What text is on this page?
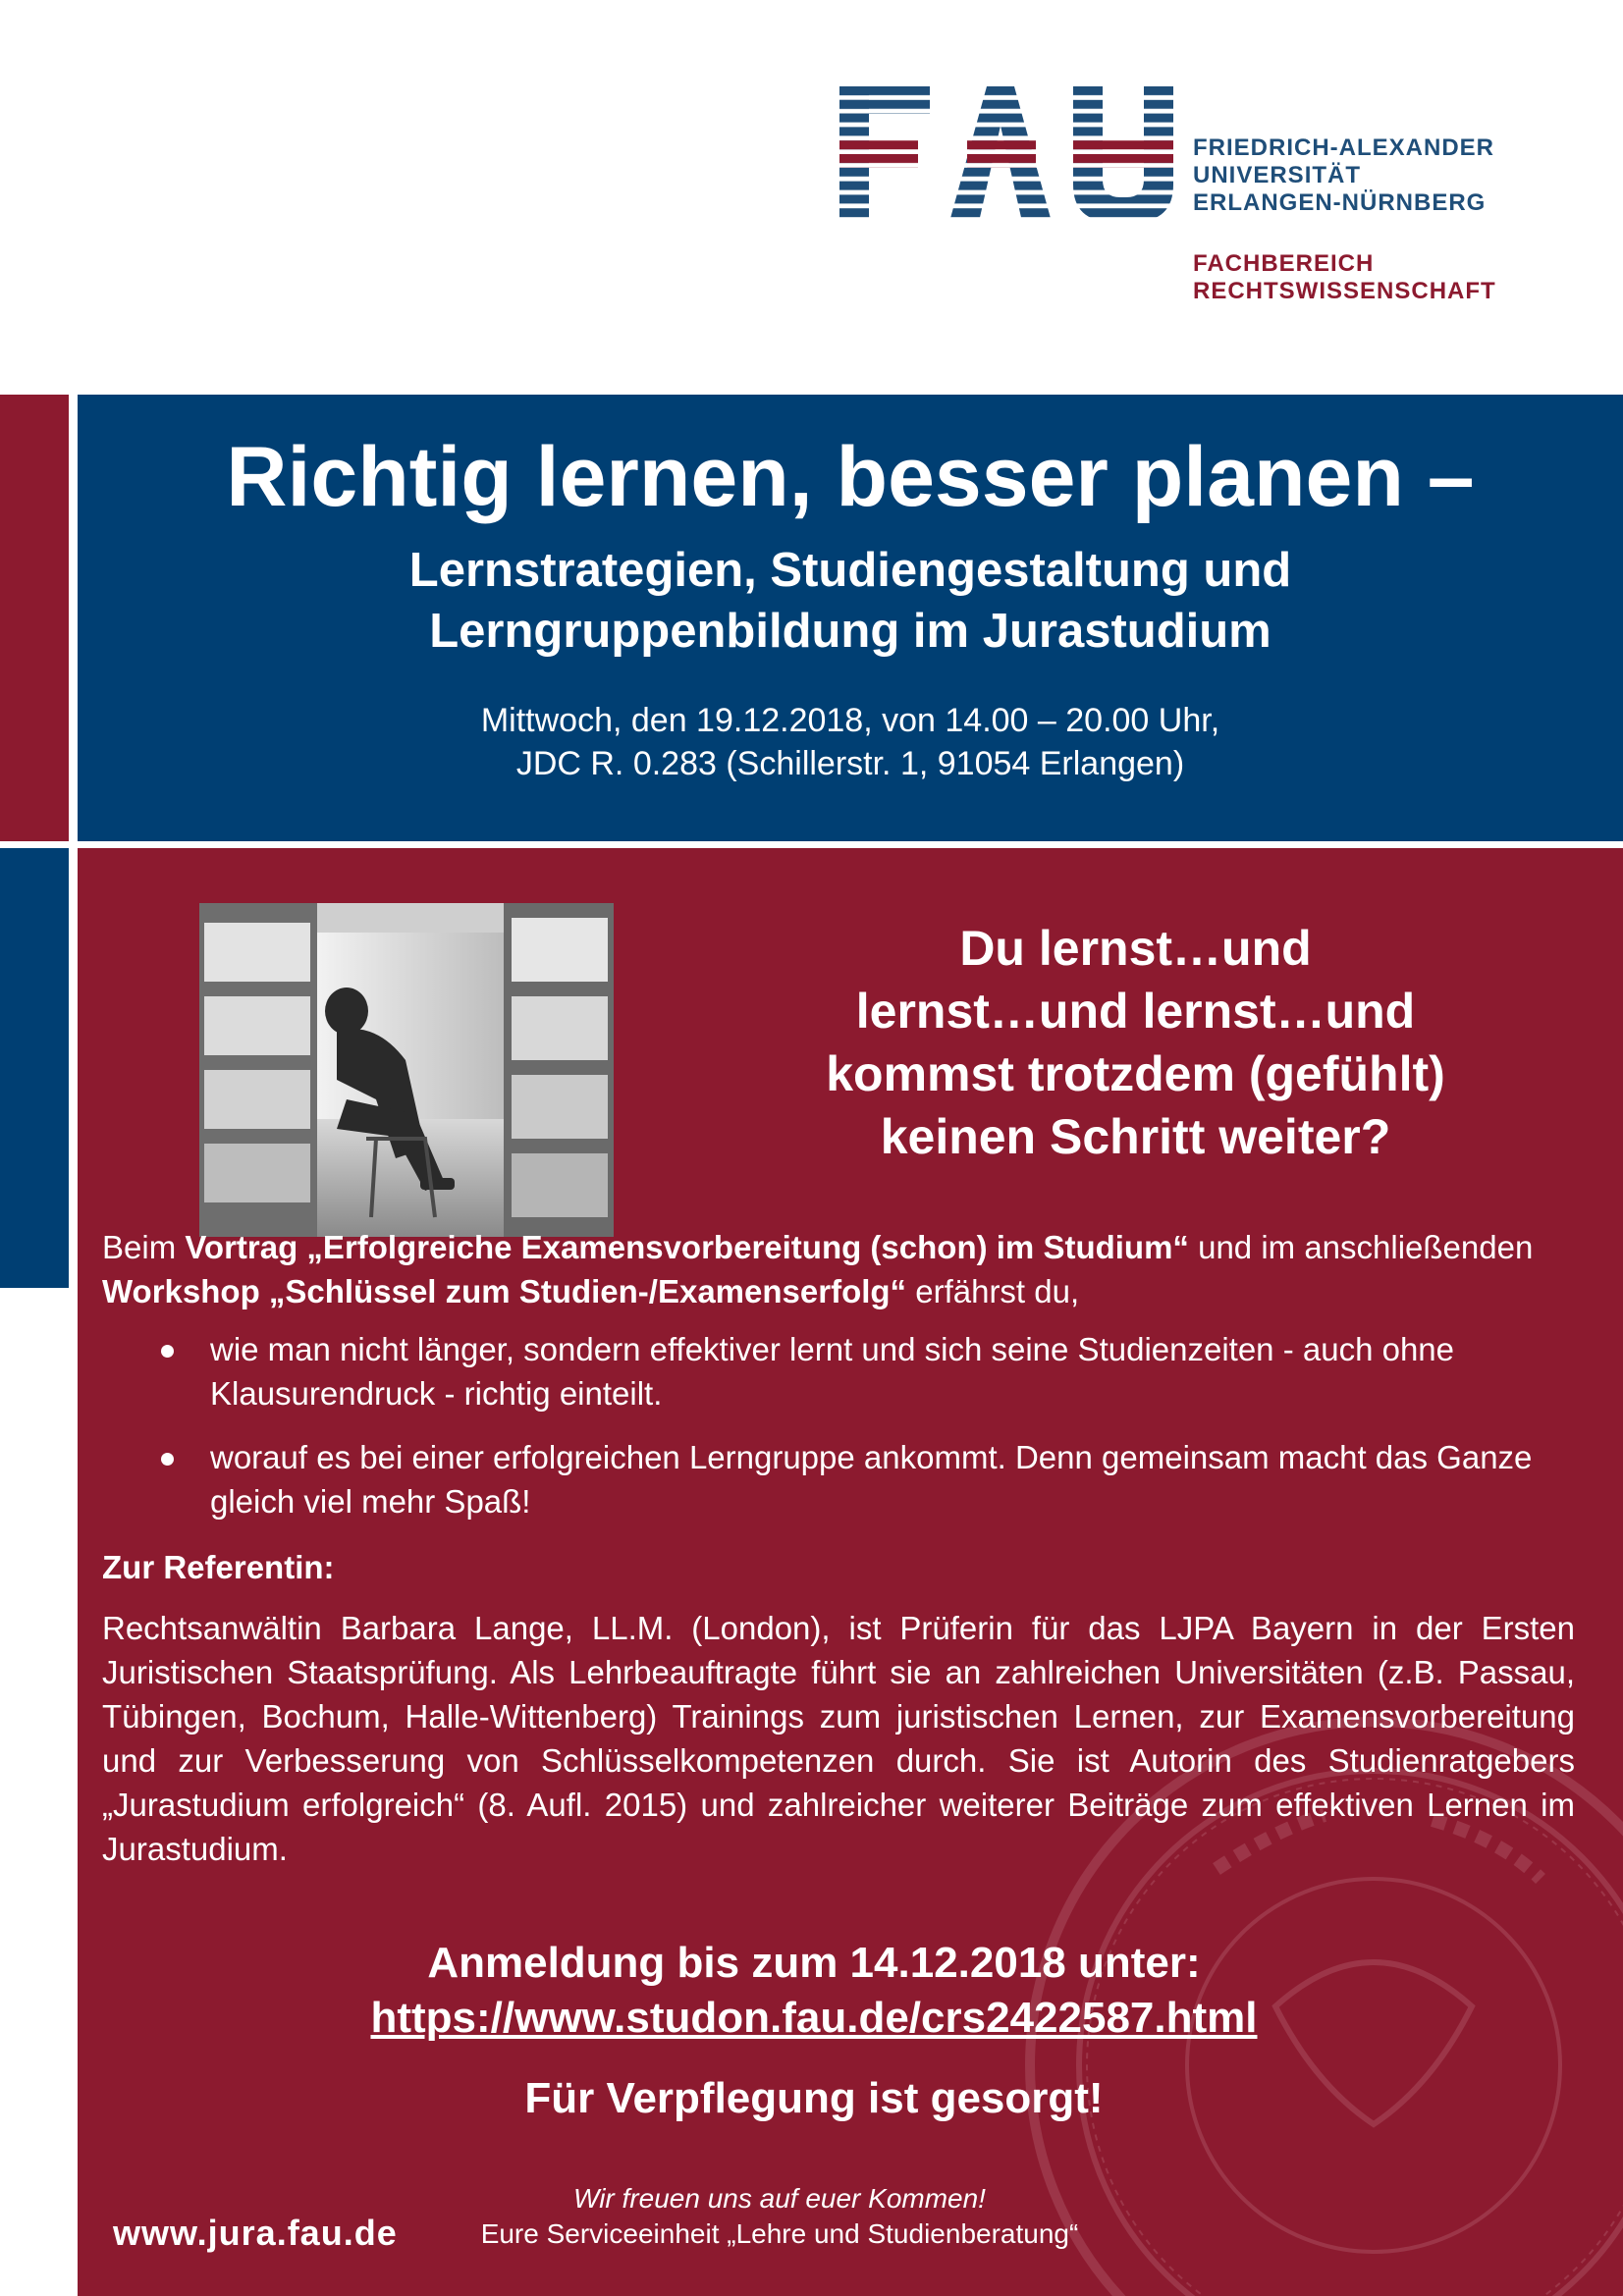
FRIEDRICH-ALEXANDER
UNIVERSITÄT
ERLANGEN-NÜRNBERG
FACHBEREICH
RECHTSWISSENSCHAFT
Richtig lernen, besser planen –
Lernstrategien, Studiengestaltung und
Lerngruppenbildung im Jurastudium
Mittwoch, den 19.12.2018, von 14.00 – 20.00 Uhr,
JDC R. 0.283 (Schillerstr. 1, 91054 Erlangen)
Du lernst…und
lernst…und lernst…und
kommst trotzdem (gefühlt)
keinen Schritt weiter?
Beim Vortrag „Erfolgreiche Examensvorbereitung (schon) im Studium“ und im anschließenden Workshop „Schlüssel zum Studien-/Examenserfolg“ erfährst du,
wie man nicht länger, sondern effektiver lernt und sich seine Studienzeiten - auch ohne Klausurendruck - richtig einteilt.
worauf es bei einer erfolgreichen Lerngruppe ankommt. Denn gemeinsam macht das Ganze gleich viel mehr Spaß!
Zur Referentin:
Rechtsanwältin Barbara Lange, LL.M. (London), ist Prüferin für das LJPA Bayern in der Ersten Juristischen Staatsprüfung. Als Lehrbeauftragte führt sie an zahlreichen Universitäten (z.B. Passau, Tübingen, Bochum, Halle-Wittenberg) Trainings zum juristischen Lernen, zur Examensvorbereitung und zur Verbesserung von Schlüsselkompetenzen durch. Sie ist Autorin des Studienratgebers „Jurastudium erfolgreich“ (8. Aufl. 2015) und zahlreicher weiterer Beiträge zum effektiven Lernen im Jurastudium.
Anmeldung bis zum 14.12.2018 unter:
https://www.studon.fau.de/crs2422587.html
Für Verpflegung ist gesorgt!
www.jura.fau.de
Wir freuen uns auf euer Kommen!
Eure Serviceeinheit „Lehre und Studienberatung“
